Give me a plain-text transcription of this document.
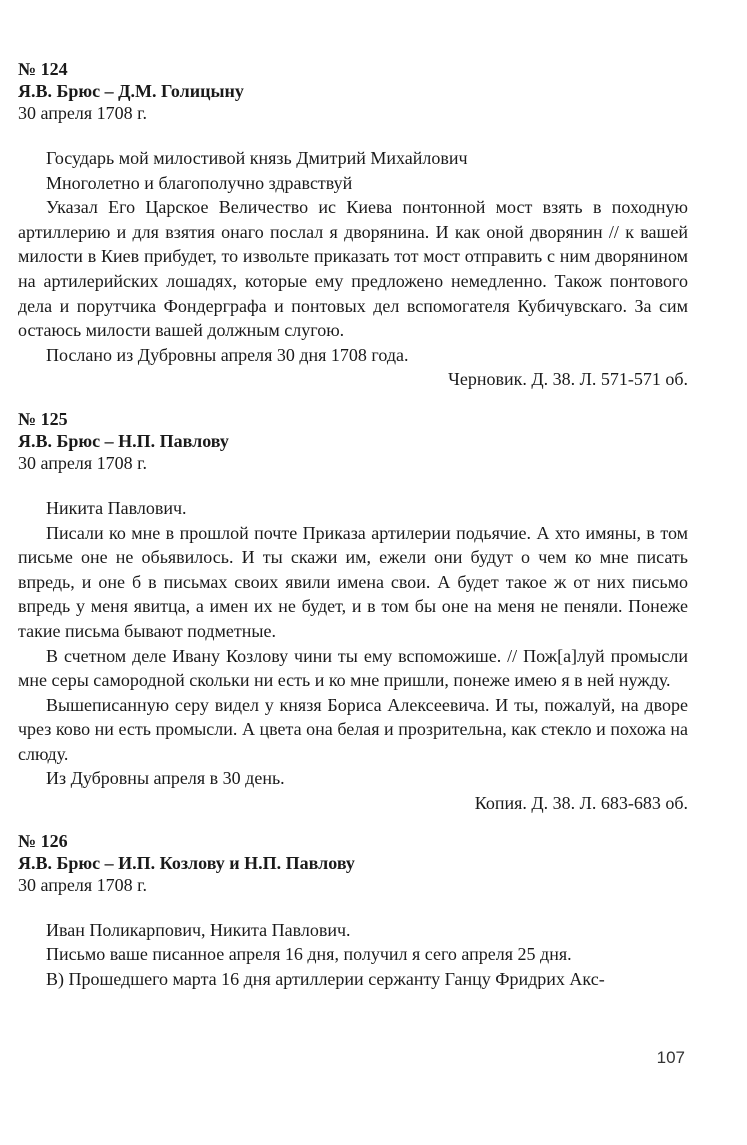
№ 124

Я.В. Брюс – Д.М. Голицыну

30 апреля 1708 г.

Государь мой милостивой князь Дмитрий Михайлович

Многолетно и благополучно здравствуй

Указал Его Царское Величество ис Киева понтонной мост взять в походную артиллерию и для взятия онаго послал я дворянина. И как оной дворянин // к вашей милости в Киев прибудет, то извольте приказать тот мост отправить с ним дворянином на артилерийских лошадях, которые ему предложено немедленно. Також понтового дела и порутчика Фондерграфа и понтовых дел вспомогателя Кубичувскаго. За сим остаюсь милости вашей должным слугою.

Послано из Дубровны апреля 30 дня 1708 года.

Черновик. Д. 38. Л. 571-571 об.

№ 125

Я.В. Брюс – Н.П. Павлову

30 апреля 1708 г.

Никита Павлович.

Писали ко мне в прошлой почте Приказа артилерии подьячие. А хто имяны, в том письме оне не обьявилось. И ты скажи им, ежели они будут о чем ко мне писать впредь, и оне б в письмах своих явили имена свои. А будет такое ж от них письмо впредь у меня явитца, а имен их не будет, и в том бы оне на меня не пеняли. Понеже такие письма бывают подметные.

В счетном деле Ивану Козлову чини ты ему вспоможише. // Пож[а]луй промысли мне серы самородной скольки ни есть и ко мне пришли, понеже имею я в ней нужду.

Вышеписанную серу видел у князя Бориса Алексеевича. И ты, пожалуй, на дворе чрез ково ни есть промысли. А цвета она белая и прозрительна, как стекло и похожа на слюду.

Из Дубровны апреля в 30 день.

Копия. Д. 38. Л. 683-683 об.

№ 126

Я.В. Брюс – И.П. Козлову и Н.П. Павлову

30 апреля 1708 г.

Иван Поликарпович, Никита Павлович.

Письмо ваше писанное апреля 16 дня, получил я сего апреля 25 дня.

В) Прошедшего марта 16 дня артиллерии сержанту Ганцу Фридрих Акс-

107
